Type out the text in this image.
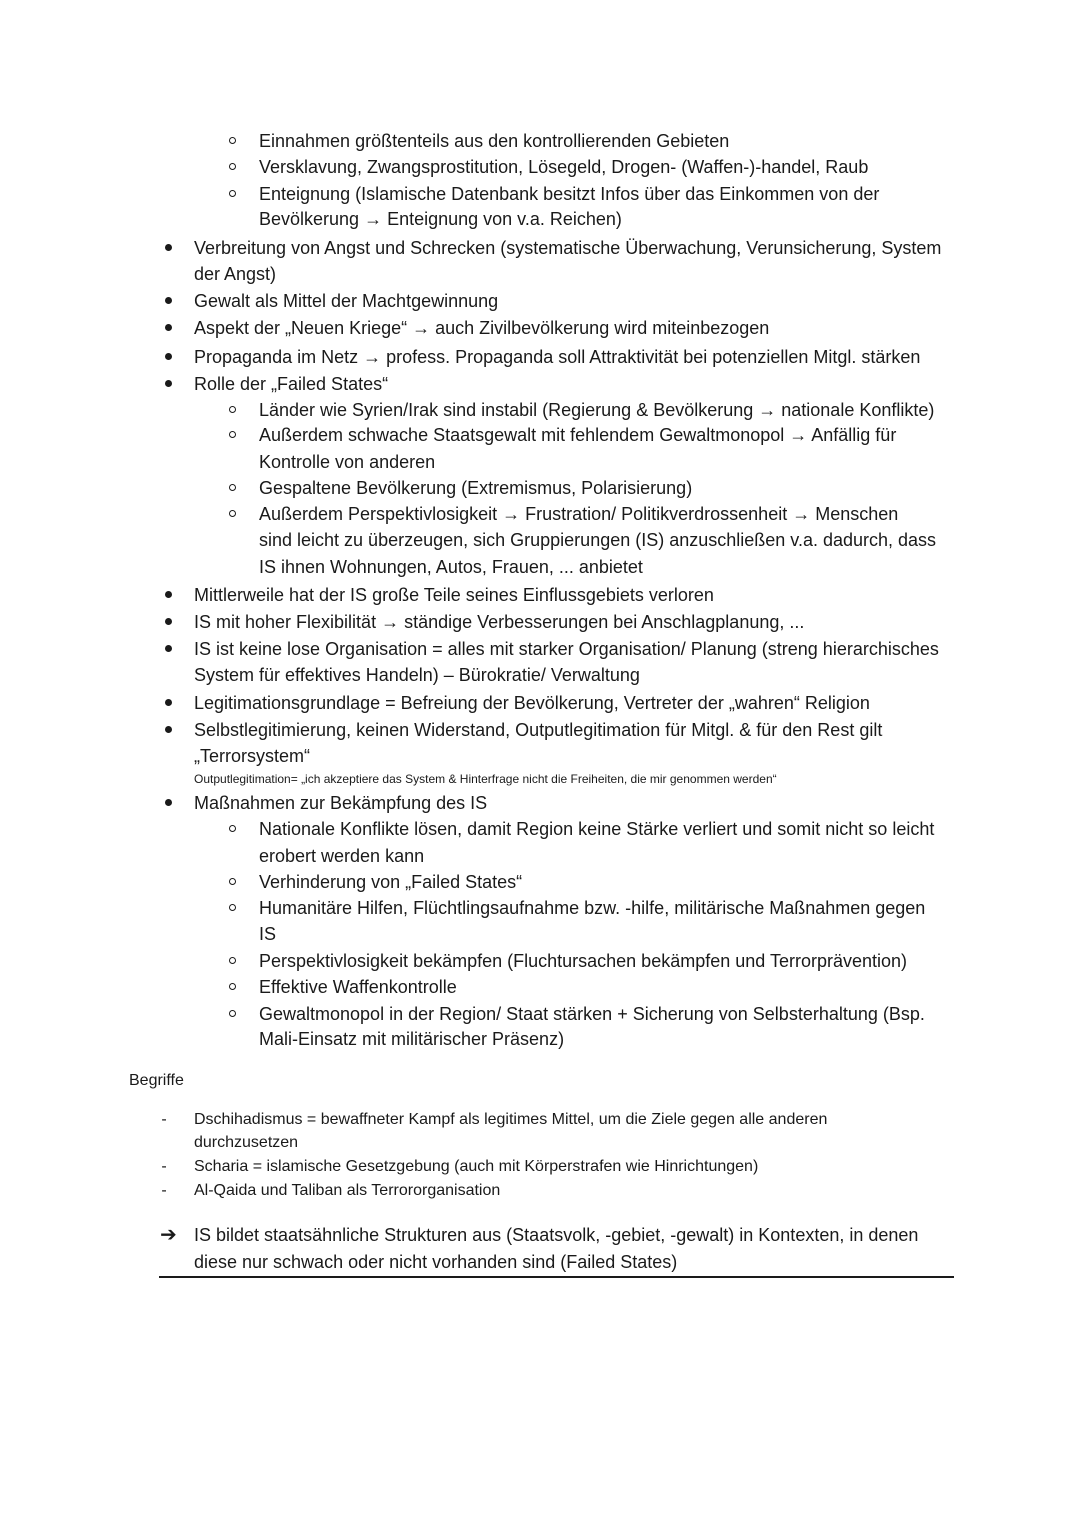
Einnahmen größtenteils aus den kontrollierenden Gebieten
Versklavung, Zwangsprostitution, Lösegeld, Drogen- (Waffen-)-handel, Raub
Enteignung (Islamische Datenbank besitzt Infos über das Einkommen von der
Bevölkerung → Enteignung von v.a. Reichen)
Verbreitung von Angst und Schrecken (systematische Überwachung, Verunsicherung, System
der Angst)
Gewalt als Mittel der Machtgewinnung
Aspekt der „Neuen Kriege“ → auch Zivilbevölkerung wird miteinbezogen
Propaganda im Netz → profess. Propaganda soll Attraktivität bei potenziellen Mitgl. stärken
Rolle der „Failed States“
Länder wie Syrien/Irak sind instabil (Regierung & Bevölkerung → nationale Konflikte)
Außerdem schwache Staatsgewalt mit fehlendem Gewaltmonopol → Anfällig für
Kontrolle von anderen
Gespaltene Bevölkerung (Extremismus, Polarisierung)
Außerdem Perspektivlosigkeit → Frustration/ Politikverdrossenheit → Menschen
sind leicht zu überzeugen, sich Gruppierungen (IS) anzuschließen v.a. dadurch, dass
IS ihnen Wohnungen, Autos, Frauen, ... anbietet
Mittlerweile hat der IS große Teile seines Einflussgebiets verloren
IS mit hoher Flexibilität → ständige Verbesserungen bei Anschlagplanung, ...
IS ist keine lose Organisation = alles mit starker Organisation/ Planung (streng hierarchisches
System für effektives Handeln) – Bürokratie/ Verwaltung
Legitimationsgrundlage = Befreiung der Bevölkerung, Vertreter der „wahren“ Religion
Selbstlegitimierung, keinen Widerstand, Outputlegitimation für Mitgl. & für den Rest gilt
„Terrorsystem“
Outputlegitimation= „ich akzeptiere das System & Hinterfrage nicht die Freiheiten, die mir genommen werden“
Maßnahmen zur Bekämpfung des IS
Nationale Konflikte lösen, damit Region keine Stärke verliert und somit nicht so leicht
erobert werden kann
Verhinderung von „Failed States“
Humanitäre Hilfen, Flüchtlingsaufnahme bzw. -hilfe, militärische Maßnahmen gegen
IS
Perspektivlosigkeit bekämpfen (Fluchtursachen bekämpfen und Terrorprävention)
Effektive Waffenkontrolle
Gewaltmonopol in der Region/ Staat stärken + Sicherung von Selbsterhaltung (Bsp.
Mali-Einsatz mit militärischer Präsenz)
Begriffe
-	Dschihadismus = bewaffneter Kampf als legitimes Mittel, um die Ziele gegen alle anderen
durchzusetzen
-	Scharia = islamische Gesetzgebung (auch mit Körperstrafen wie Hinrichtungen)
-	Al-Qaida und Taliban als Terrororganisation
➔ IS bildet staatsähnliche Strukturen aus (Staatsvolk, -gebiet, -gewalt) in Kontexten, in denen
diese nur schwach oder nicht vorhanden sind (Failed States)
